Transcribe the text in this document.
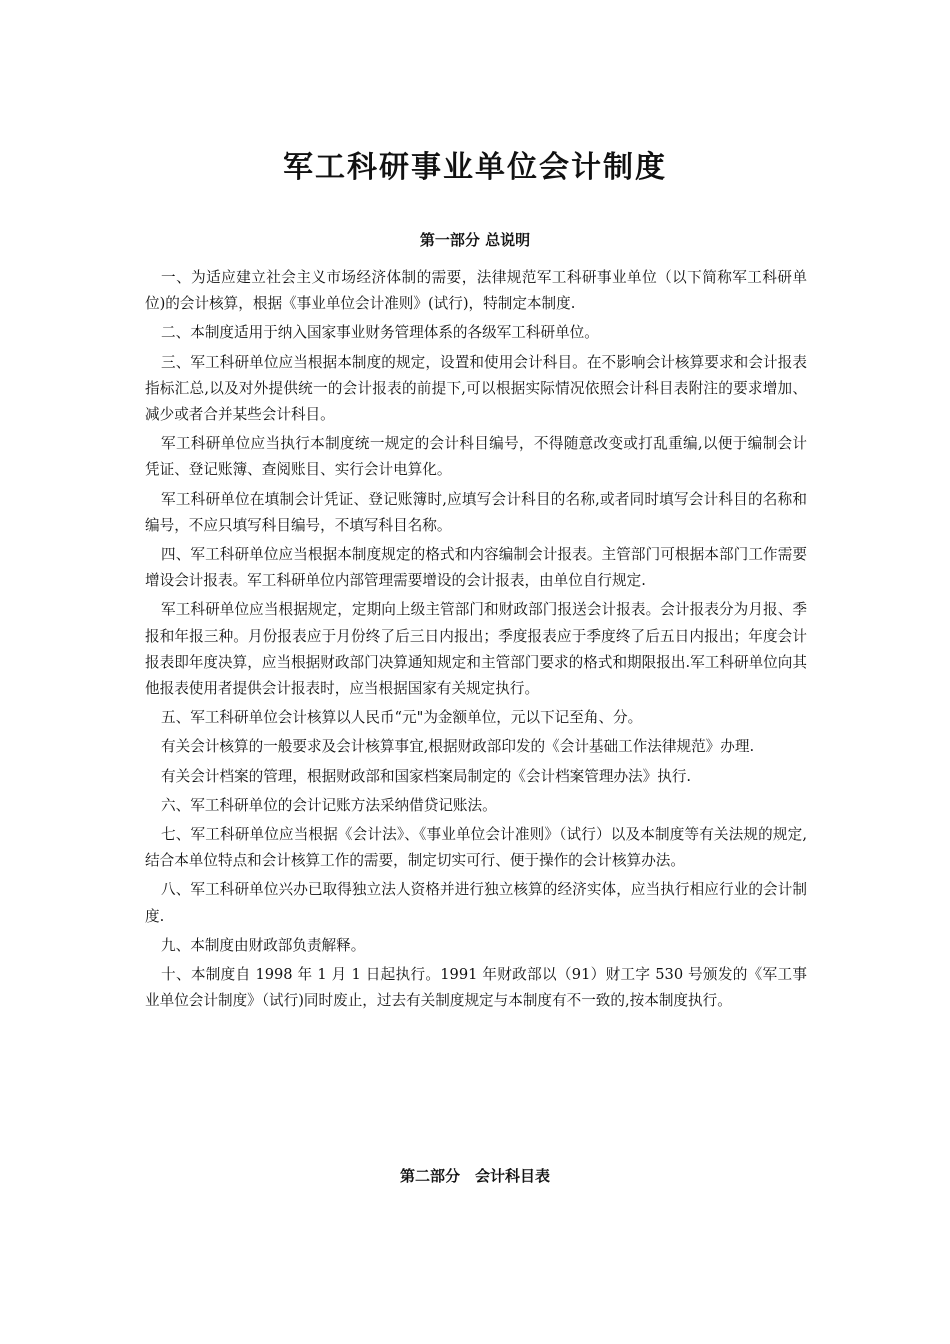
军工科研事业单位会计制度
第一部分 总说明

一、为适应建立社会主义市场经济体制的需要，法律规范军工科研事业单位（以下简称军工科研单位)的会计核算，根据《事业单位会计准则》(试行)，特制定本制度.

二、本制度适用于纳入国家事业财务管理体系的各级军工科研单位。

三、军工科研单位应当根据本制度的规定，设置和使用会计科目。在不影响会计核算要求和会计报表指标汇总,以及对外提供统一的会计报表的前提下,可以根据实际情况依照会计科目表附注的要求增加、减少或者合并某些会计科目。

军工科研单位应当执行本制度统一规定的会计科目编号，不得随意改变或打乱重编,以便于编制会计凭证、登记账簿、查阅账目、实行会计电算化。

军工科研单位在填制会计凭证、登记账簿时,应填写会计科目的名称,或者同时填写会计科目的名称和编号，不应只填写科目编号，不填写科目名称。

四、军工科研单位应当根据本制度规定的格式和内容编制会计报表。主管部门可根据本部门工作需要增设会计报表。军工科研单位内部管理需要增设的会计报表，由单位自行规定.

军工科研单位应当根据规定，定期向上级主管部门和财政部门报送会计报表。会计报表分为月报、季报和年报三种。月份报表应于月份终了后三日内报出；季度报表应于季度终了后五日内报出；年度会计报表即年度决算，应当根据财政部门决算通知规定和主管部门要求的格式和期限报出.军工科研单位向其他报表使用者提供会计报表时，应当根据国家有关规定执行。

五、军工科研单位会计核算以人民币“元"为金额单位，元以下记至角、分。

有关会计核算的一般要求及会计核算事宜,根据财政部印发的《会计基础工作法律规范》办理.

有关会计档案的管理，根据财政部和国家档案局制定的《会计档案管理办法》执行.

六、军工科研单位的会计记账方法采纳借贷记账法。

七、军工科研单位应当根据《会计法》、《事业单位会计准则》（试行）以及本制度等有关法规的规定,结合本单位特点和会计核算工作的需要，制定切实可行、便于操作的会计核算办法。

八、军工科研单位兴办已取得独立法人资格并进行独立核算的经济实体，应当执行相应行业的会计制度.

九、本制度由财政部负责解释。

十、本制度自 1998 年 1 月 1 日起执行。1991 年财政部以（91）财工字 530 号颁发的《军工事业单位会计制度》（试行)同时废止，过去有关制度规定与本制度有不一致的,按本制度执行。

第二部分　会计科目表
